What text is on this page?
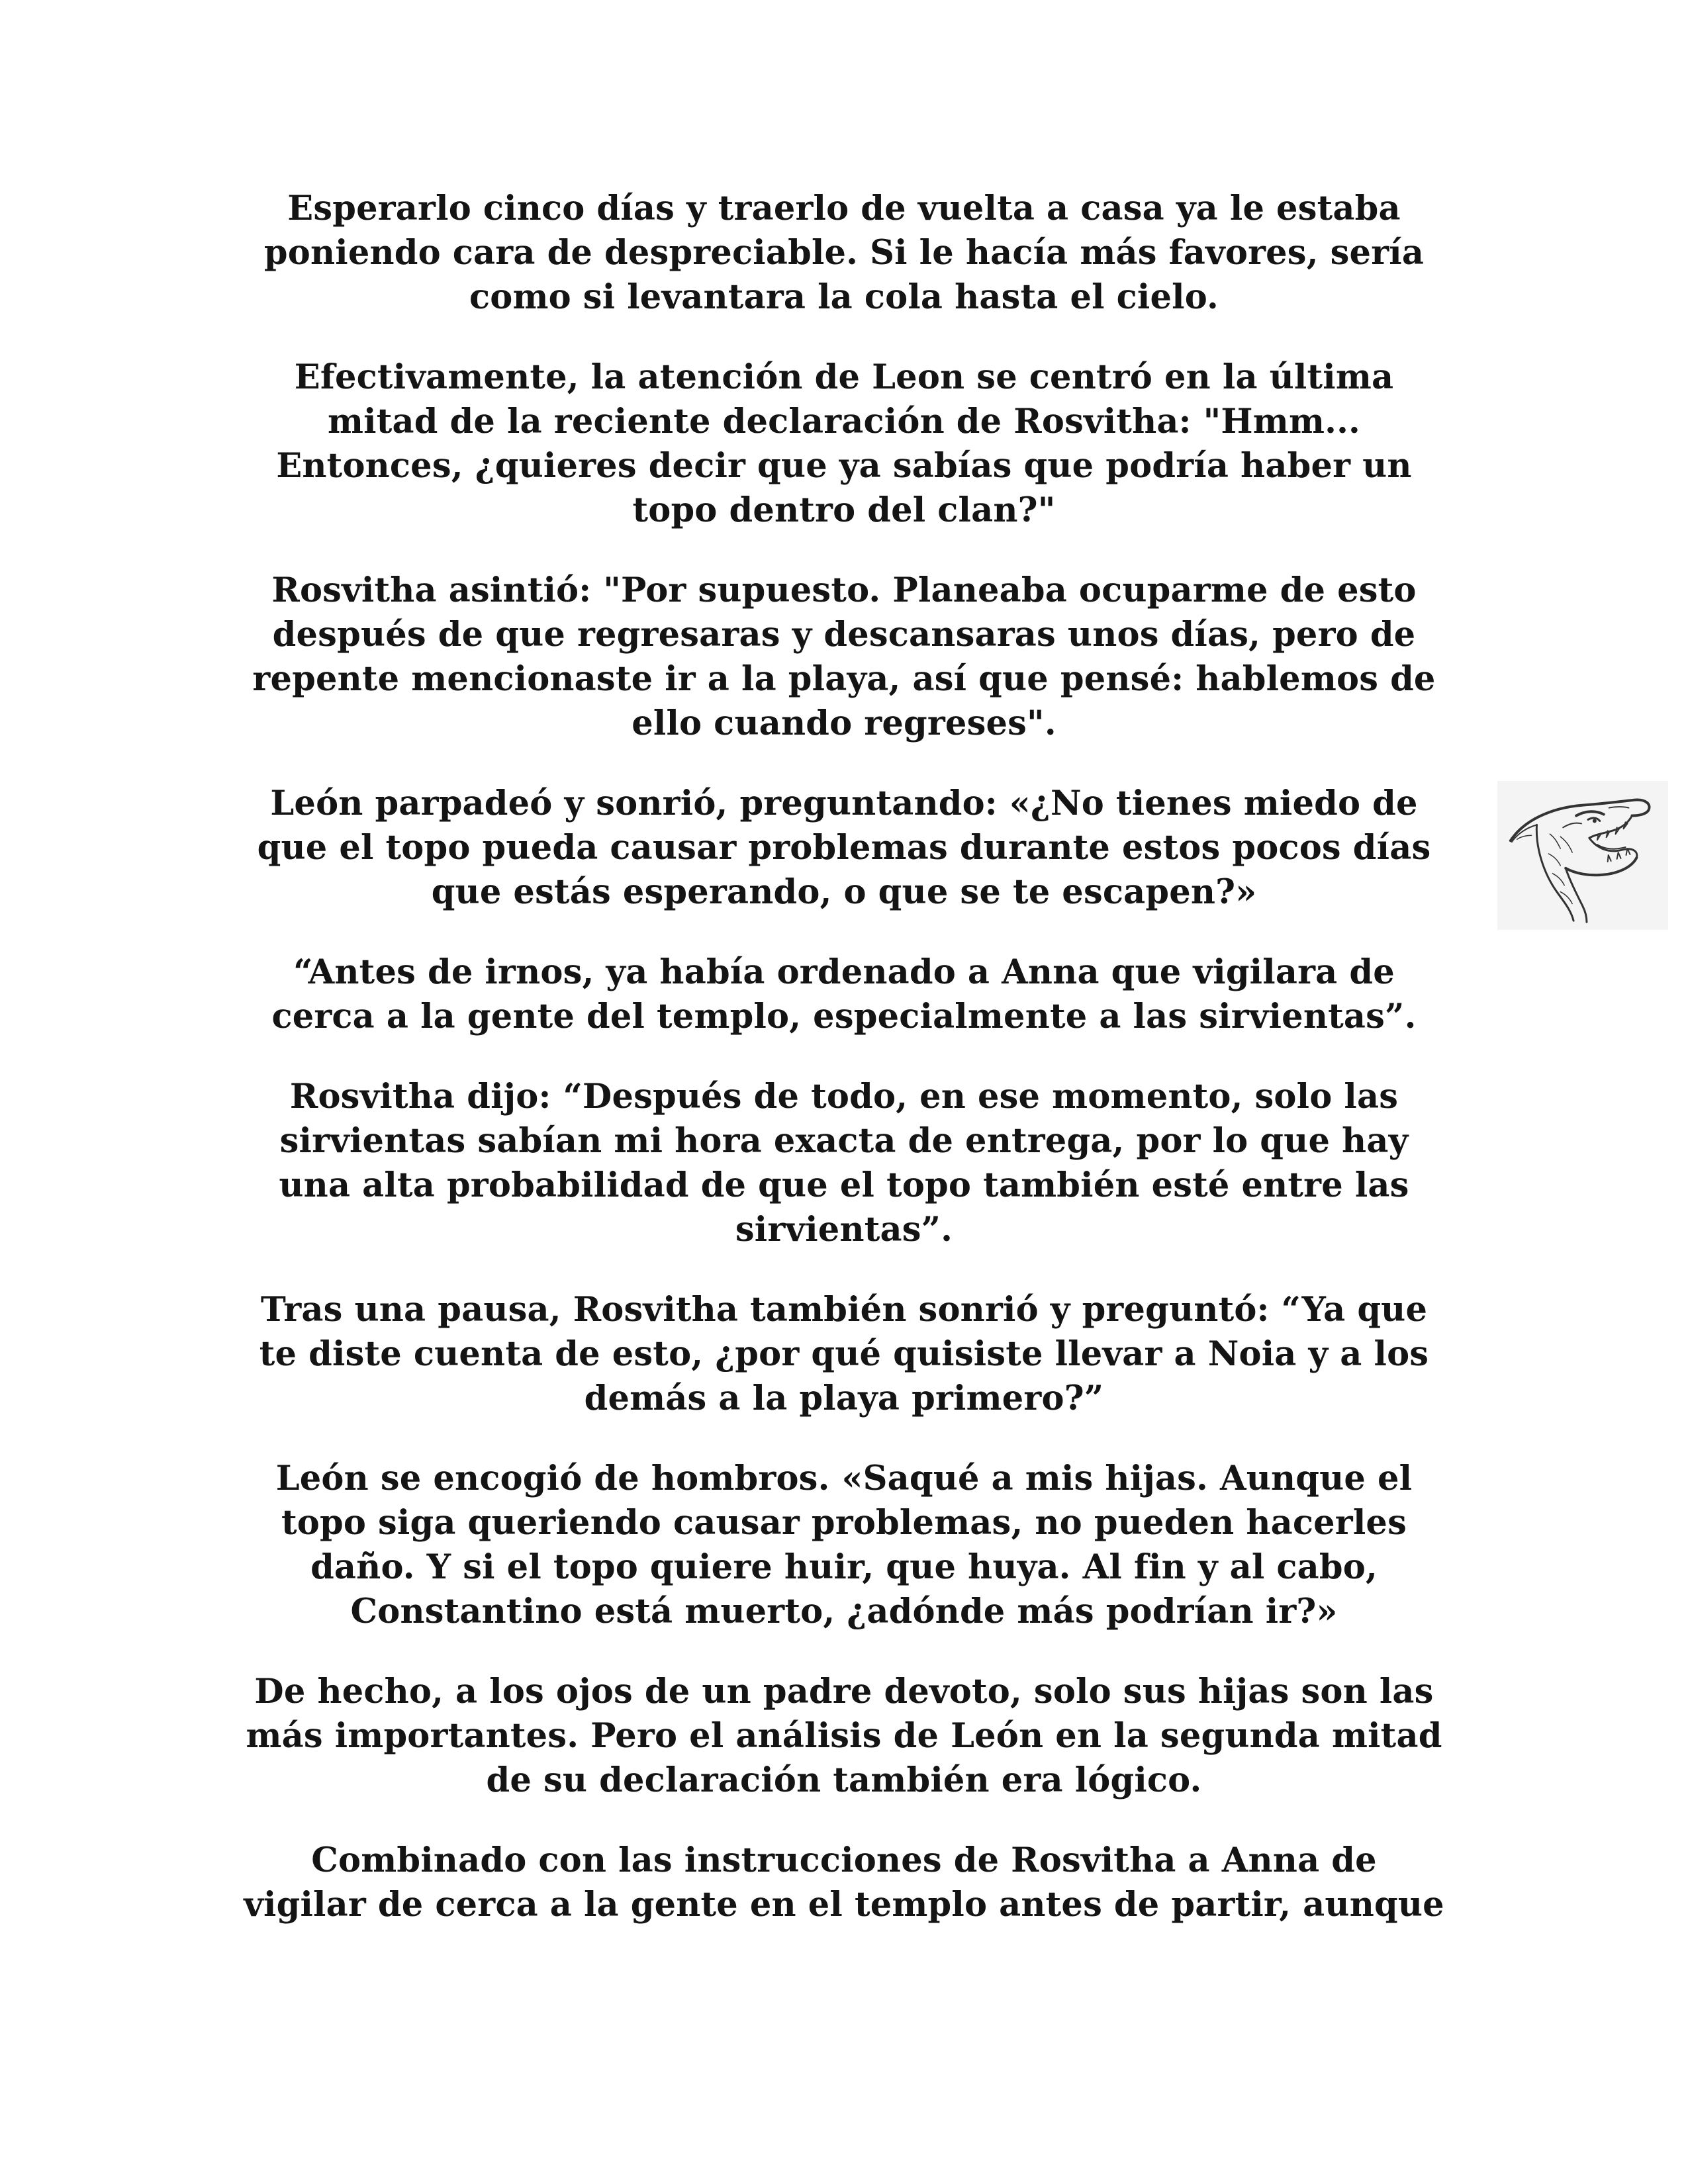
Esperarlo cinco días y traerlo de vuelta a casa ya le estaba
poniendo cara de despreciable. Si le hacía más favores, sería
como si levantara la cola hasta el cielo.

Efectivamente, la atención de Leon se centró en la última
mitad de la reciente declaración de Rosvitha: "Hmm...
Entonces, ¿quieres decir que ya sabías que podría haber un
topo dentro del clan?"

Rosvitha asintió: "Por supuesto. Planeaba ocuparme de esto
después de que regresaras y descansaras unos días, pero de
repente mencionaste ir a la playa, así que pensé: hablemos de
ello cuando regreses".

León parpadeó y sonrió, preguntando: «¿No tienes miedo de
que el topo pueda causar problemas durante estos pocos días
que estás esperando, o que se te escapen?»

“Antes de irnos, ya había ordenado a Anna que vigilara de
cerca a la gente del templo, especialmente a las sirvientas”.

Rosvitha dijo: “Después de todo, en ese momento, solo las
sirvientas sabían mi hora exacta de entrega, por lo que hay
una alta probabilidad de que el topo también esté entre las
sirvientas”.

Tras una pausa, Rosvitha también sonrió y preguntó: “Ya que
te diste cuenta de esto, ¿por qué quisiste llevar a Noia y a los
demás a la playa primero?”

León se encogió de hombros. «Saqué a mis hijas. Aunque el
topo siga queriendo causar problemas, no pueden hacerles
daño. Y si el topo quiere huir, que huya. Al fin y al cabo,
Constantino está muerto, ¿adónde más podrían ir?»

De hecho, a los ojos de un padre devoto, solo sus hijas son las
más importantes. Pero el análisis de León en la segunda mitad
de su declaración también era lógico.

Combinado con las instrucciones de Rosvitha a Anna de
vigilar de cerca a la gente en el templo antes de partir, aunque
